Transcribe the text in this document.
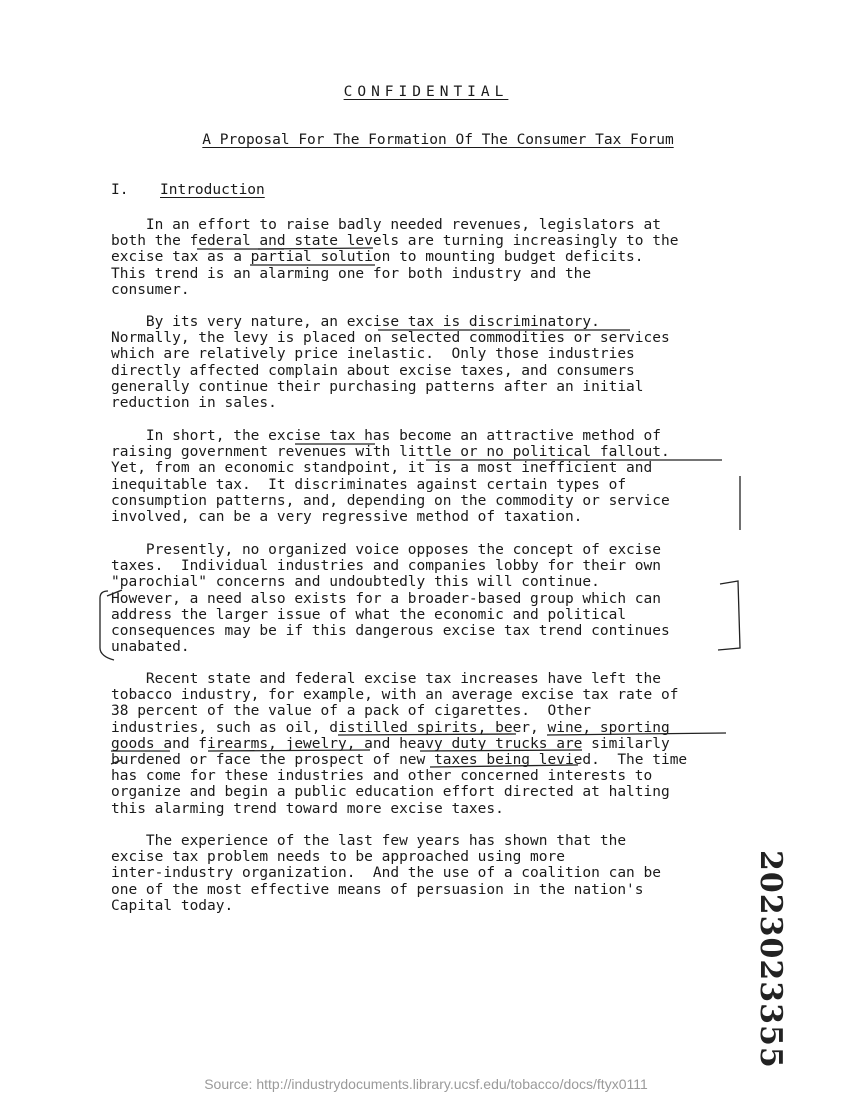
CONFIDENTIAL
A Proposal For The Formation Of The Consumer Tax Forum
I. Introduction
In an effort to raise badly needed revenues, legislators at
both the federal and state levels are turning increasingly to the
excise tax as a partial solution to mounting budget deficits.
This trend is an alarming one for both industry and the
consumer.
By its very nature, an excise tax is discriminatory.
Normally, the levy is placed on selected commodities or services
which are relatively price inelastic.  Only those industries
directly affected complain about excise taxes, and consumers
generally continue their purchasing patterns after an initial
reduction in sales.
In short, the excise tax has become an attractive method of
raising government revenues with little or no political fallout.
Yet, from an economic standpoint, it is a most inefficient and
inequitable tax.  It discriminates against certain types of
consumption patterns, and, depending on the commodity or service
involved, can be a very regressive method of taxation.
Presently, no organized voice opposes the concept of excise
taxes.  Individual industries and companies lobby for their own
"parochial" concerns and undoubtedly this will continue.
However, a need also exists for a broader-based group which can
address the larger issue of what the economic and political
consequences may be if this dangerous excise tax trend continues
unabated.
Recent state and federal excise tax increases have left the
tobacco industry, for example, with an average excise tax rate of
38 percent of the value of a pack of cigarettes.  Other
industries, such as oil, distilled spirits, beer, wine, sporting
goods and firearms, jewelry, and heavy duty trucks are similarly
burdened or face the prospect of new taxes being levied.  The time
has come for these industries and other concerned interests to
organize and begin a public education effort directed at halting
this alarming trend toward more excise taxes.
The experience of the last few years has shown that the
excise tax problem needs to be approached using more
inter-industry organization.  And the use of a coalition can be
one of the most effective means of persuasion in the nation's
Capital today.	2023023355
Source: http://industrydocuments.library.ucsf.edu/tobacco/docs/ftyx0111
